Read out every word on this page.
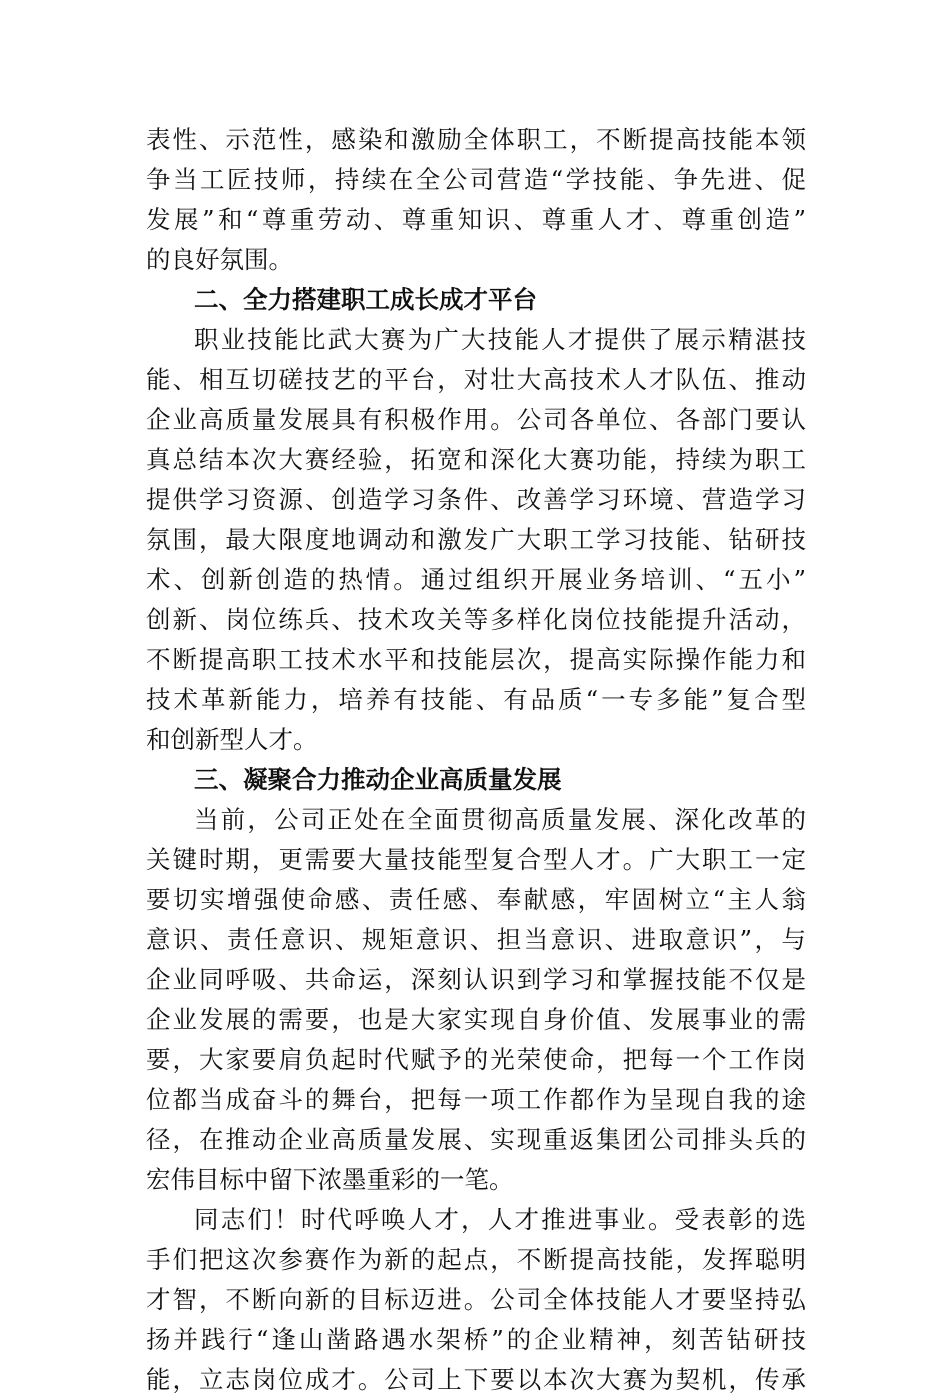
表性、示范性，感染和激励全体职工，不断提高技能本领
争当工匠技师，持续在全公司营造“学技能、争先进、促
发展”和“尊重劳动、尊重知识、尊重人才、尊重创造”
的良好氛围。
二、全力搭建职工成长成才平台
职业技能比武大赛为广大技能人才提供了展示精湛技
能、相互切磋技艺的平台，对壮大高技术人才队伍、推动
企业高质量发展具有积极作用。公司各单位、各部门要认
真总结本次大赛经验，拓宽和深化大赛功能，持续为职工
提供学习资源、创造学习条件、改善学习环境、营造学习
氛围，最大限度地调动和激发广大职工学习技能、钻研技
术、创新创造的热情。通过组织开展业务培训、“五小”
创新、岗位练兵、技术攻关等多样化岗位技能提升活动，
不断提高职工技术水平和技能层次，提高实际操作能力和
技术革新能力，培养有技能、有品质“一专多能”复合型
和创新型人才。
三、凝聚合力推动企业高质量发展
当前，公司正处在全面贯彻高质量发展、深化改革的
关键时期，更需要大量技能型复合型人才。广大职工一定
要切实增强使命感、责任感、奉献感，牢固树立“主人翁
意识、责任意识、规矩意识、担当意识、进取意识”，与
企业同呼吸、共命运，深刻认识到学习和掌握技能不仅是
企业发展的需要，也是大家实现自身价值、发展事业的需
要，大家要肩负起时代赋予的光荣使命，把每一个工作岗
位都当成奋斗的舞台，把每一项工作都作为呈现自我的途
径，在推动企业高质量发展、实现重返集团公司排头兵的
宏伟目标中留下浓墨重彩的一笔。
同志们！时代呼唤人才，人才推进事业。受表彰的选
手们把这次参赛作为新的起点，不断提高技能，发挥聪明
才智，不断向新的目标迈进。公司全体技能人才要坚持弘
扬并践行“逢山凿路遇水架桥”的企业精神，刻苦钻研技
能，立志岗位成才。公司上下要以本次大赛为契机，传承
